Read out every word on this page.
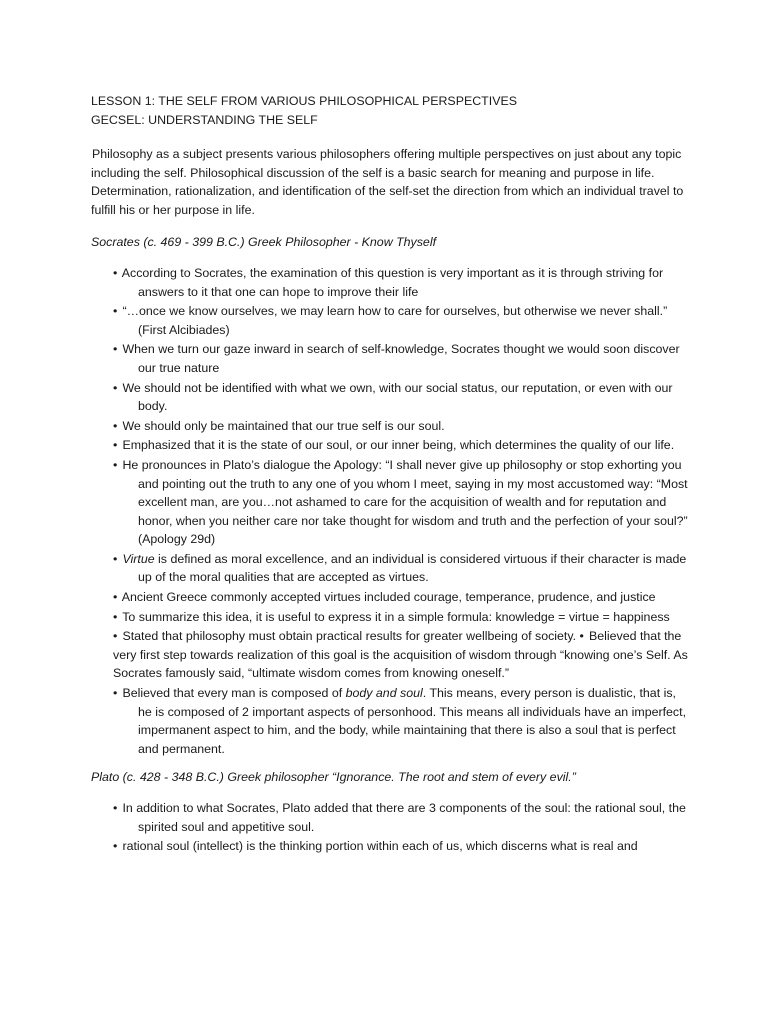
LESSON 1: THE SELF FROM VARIOUS PHILOSOPHICAL PERSPECTIVES

GECSEL: UNDERSTANDING THE SELF

Philosophy as a subject presents various philosophers offering multiple perspectives on just about any topic including the self. Philosophical discussion of the self is a basic search for meaning and purpose in life. Determination, rationalization, and identification of the self-set the direction from which an individual travel to fulfill his or her purpose in life.

Socrates (c. 469 - 399 B.C.) Greek Philosopher - Know Thyself

• According to Socrates, the examination of this question is very important as it is through striving for answers to it that one can hope to improve their life
• “…once we know ourselves, we may learn how to care for ourselves, but otherwise we never shall.” (First Alcibiades)
• When we turn our gaze inward in search of self-knowledge, Socrates thought we would soon discover our true nature
• We should not be identified with what we own, with our social status, our reputation, or even with our body.
• We should only be maintained that our true self is our soul.
• Emphasized that it is the state of our soul, or our inner being, which determines the quality of our life.
• He pronounces in Plato’s dialogue the Apology: “I shall never give up philosophy or stop exhorting you and pointing out the truth to any one of you whom I meet, saying in my most accustomed way: “Most excellent man, are you…not ashamed to care for the acquisition of wealth and for reputation and honor, when you neither care nor take thought for wisdom and truth and the perfection of your soul?” (Apology 29d)
• Virtue is defined as moral excellence, and an individual is considered virtuous if their character is made up of the moral qualities that are accepted as virtues.
• Ancient Greece commonly accepted virtues included courage, temperance, prudence, and justice
• To summarize this idea, it is useful to express it in a simple formula: knowledge = virtue = happiness
• Stated that philosophy must obtain practical results for greater wellbeing of society. • Believed that the very first step towards realization of this goal is the acquisition of wisdom through “knowing one’s Self. As Socrates famously said, “ultimate wisdom comes from knowing oneself.”
• Believed that every man is composed of body and soul. This means, every person is dualistic, that is, he is composed of 2 important aspects of personhood. This means all individuals have an imperfect, impermanent aspect to him, and the body, while maintaining that there is also a soul that is perfect and permanent.

Plato (c. 428 - 348 B.C.) Greek philosopher “Ignorance. The root and stem of every evil.”

• In addition to what Socrates, Plato added that there are 3 components of the soul: the rational soul, the spirited soul and appetitive soul.
• rational soul (intellect) is the thinking portion within each of us, which discerns what is real and
